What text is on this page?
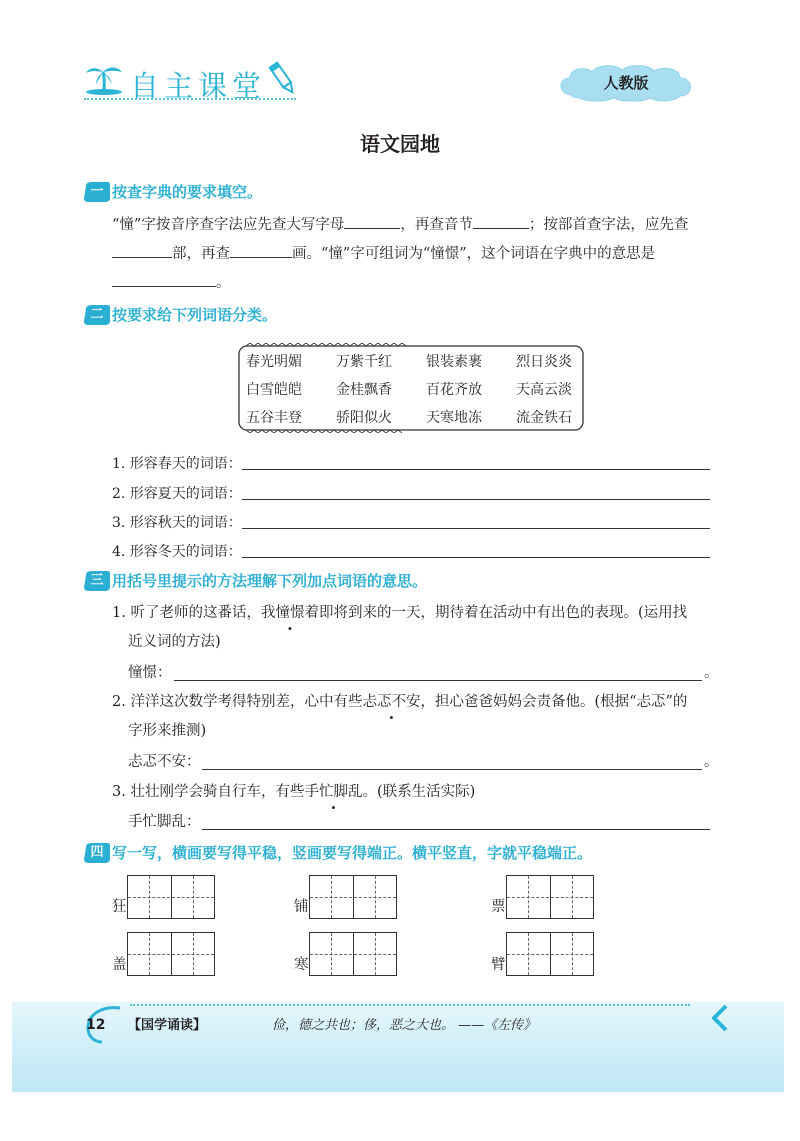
自主课堂	人教版
语文园地
一 按查字典的要求填空。
“憧”字按音序查字法应先查大写字母	，再查音节	；按部首查字法，应先查
部，再查	画。“憧”字可组词为“憧憬”，这个词语在字典中的意思是
。
二 按要求给下列词语分类。
春光明媚 万紫千红 银装素裹 烈日炎炎
白雪皑皑 金桂飘香 百花齐放 天高云淡
五谷丰登 骄阳似火 天寒地冻 流金铁石
1. 形容春天的词语：
2. 形容夏天的词语：
3. 形容秋天的词语：
4. 形容冬天的词语：
三 用括号里提示的方法理解下列加点词语的意思。
1. 听了老师的这番话，我憧憬着即将到来的一天，期待着在活动中有出色的表现。(运用找
近义词的方法)
憧憬：	。
2. 洋洋这次数学考得特别差，心中有些忐忑不安，担心爸爸妈妈会责备他。(根据“忐忑”的
字形来推测)
忐忑不安：	。
3. 壮壮刚学会骑自行车，有些手忙脚乱。(联系生活实际)
手忙脚乱：
四 写一写，横画要写得平稳，竖画要写得端正。横平竖直，字就平稳端正。
狂	铺	票
盖	寒	臂
12	【国学诵读】	俭，德之共也；侈，恶之大也。 ——《左传》
